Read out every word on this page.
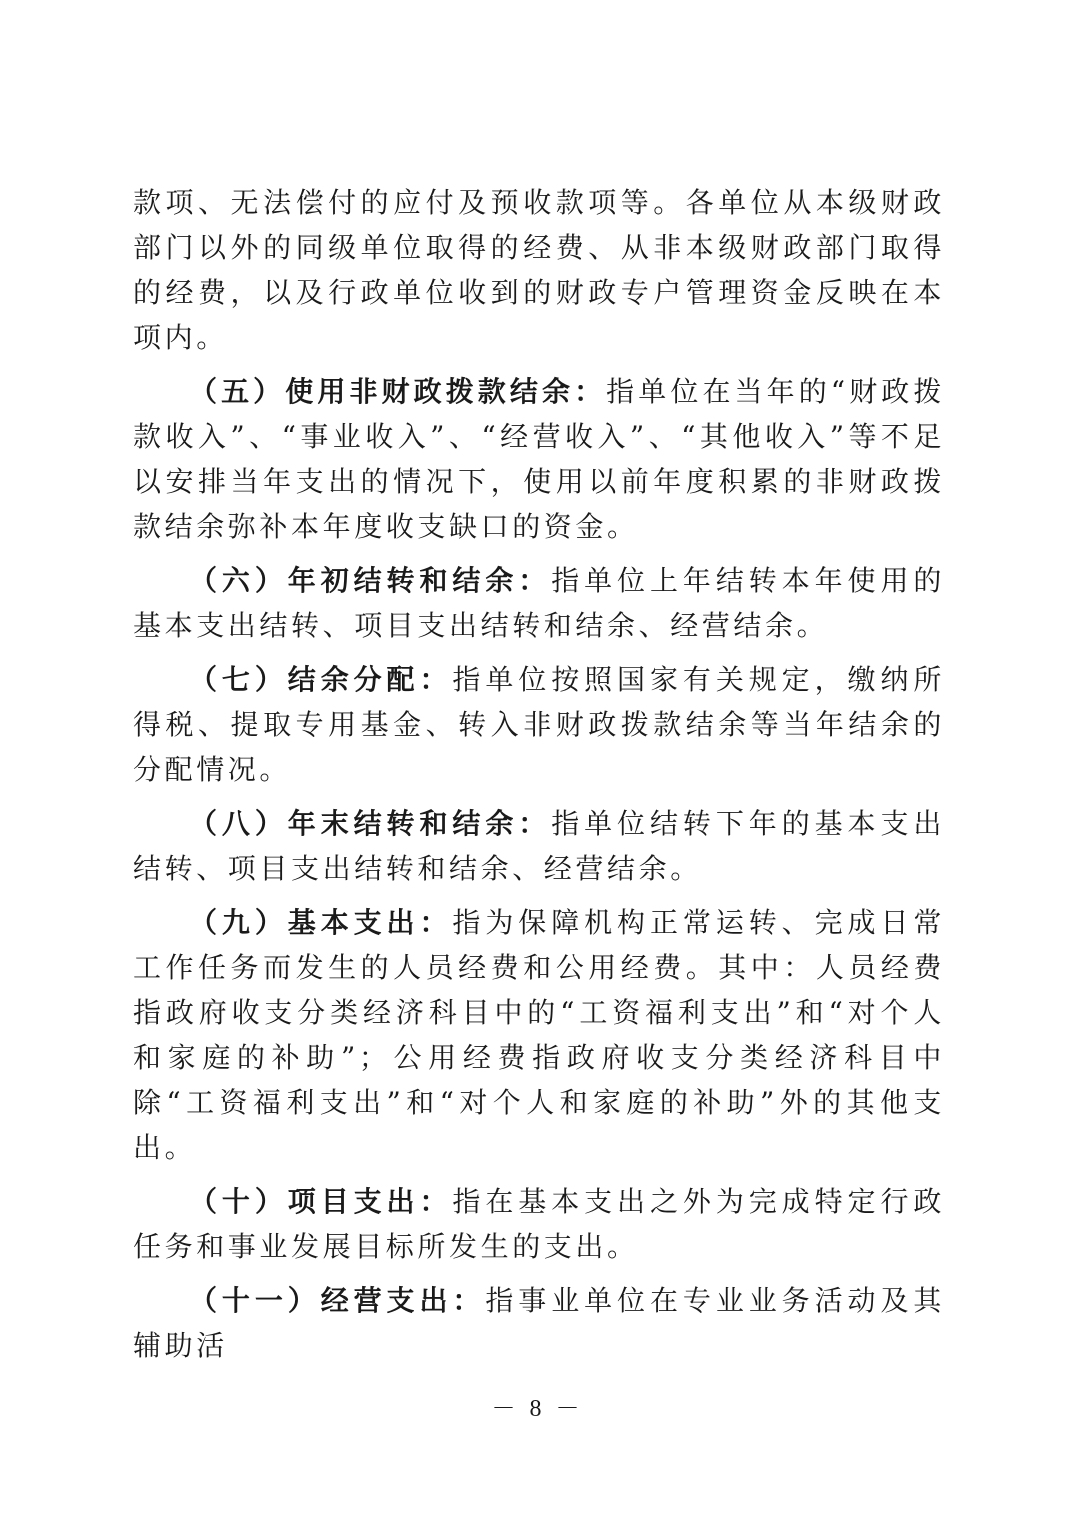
款项、无法偿付的应付及预收款项等。各单位从本级财政部门以外的同级单位取得的经费、从非本级财政部门取得的经费，以及行政单位收到的财政专户管理资金反映在本项内。

（五）使用非财政拨款结余：指单位在当年的“财政拨款收入”、“事业收入”、“经营收入”、“其他收入”等不足以安排当年支出的情况下，使用以前年度积累的非财政拨款结余弥补本年度收支缺口的资金。

（六）年初结转和结余：指单位上年结转本年使用的基本支出结转、项目支出结转和结余、经营结余。

（七）结余分配：指单位按照国家有关规定，缴纳所得税、提取专用基金、转入非财政拨款结余等当年结余的分配情况。

（八）年末结转和结余：指单位结转下年的基本支出结转、项目支出结转和结余、经营结余。

（九）基本支出：指为保障机构正常运转、完成日常工作任务而发生的人员经费和公用经费。其中：人员经费指政府收支分类经济科目中的“工资福利支出”和“对个人和家庭的补助”；公用经费指政府收支分类经济科目中除“工资福利支出”和“对个人和家庭的补助”外的其他支出。

（十）项目支出：指在基本支出之外为完成特定行政任务和事业发展目标所发生的支出。

（十一）经营支出：指事业单位在专业业务活动及其辅助活

－ 8 －
